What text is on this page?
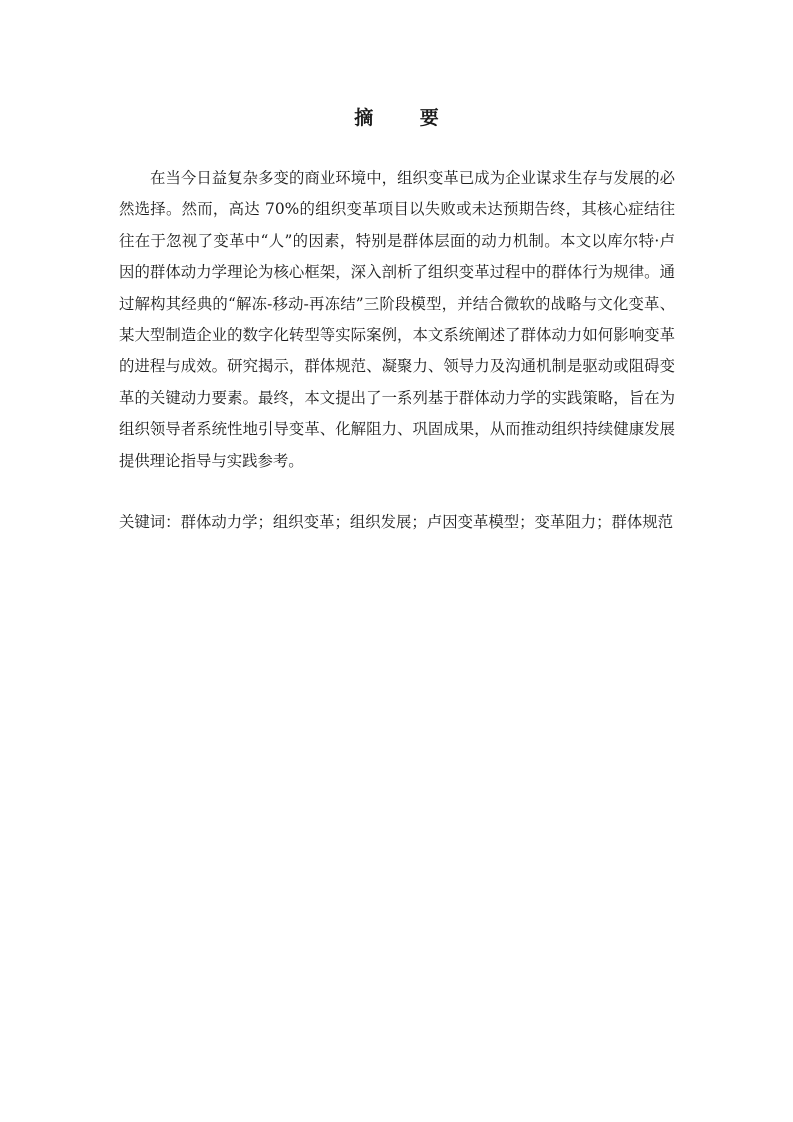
摘 要

在当今日益复杂多变的商业环境中，组织变革已成为企业谋求生存与发展的必然选择。然而，高达 70%的组织变革项目以失败或未达预期告终，其核心症结往往在于忽视了变革中“人”的因素，特别是群体层面的动力机制。本文以库尔特·卢因的群体动力学理论为核心框架，深入剖析了组织变革过程中的群体行为规律。通过解构其经典的“解冻-移动-再冻结”三阶段模型，并结合微软的战略与文化变革、某大型制造企业的数字化转型等实际案例，本文系统阐述了群体动力如何影响变革的进程与成效。研究揭示，群体规范、凝聚力、领导力及沟通机制是驱动或阻碍变革的关键动力要素。最终，本文提出了一系列基于群体动力学的实践策略，旨在为组织领导者系统性地引导变革、化解阻力、巩固成果，从而推动组织持续健康发展提供理论指导与实践参考。

关键词：群体动力学；组织变革；组织发展；卢因变革模型；变革阻力；群体规范
